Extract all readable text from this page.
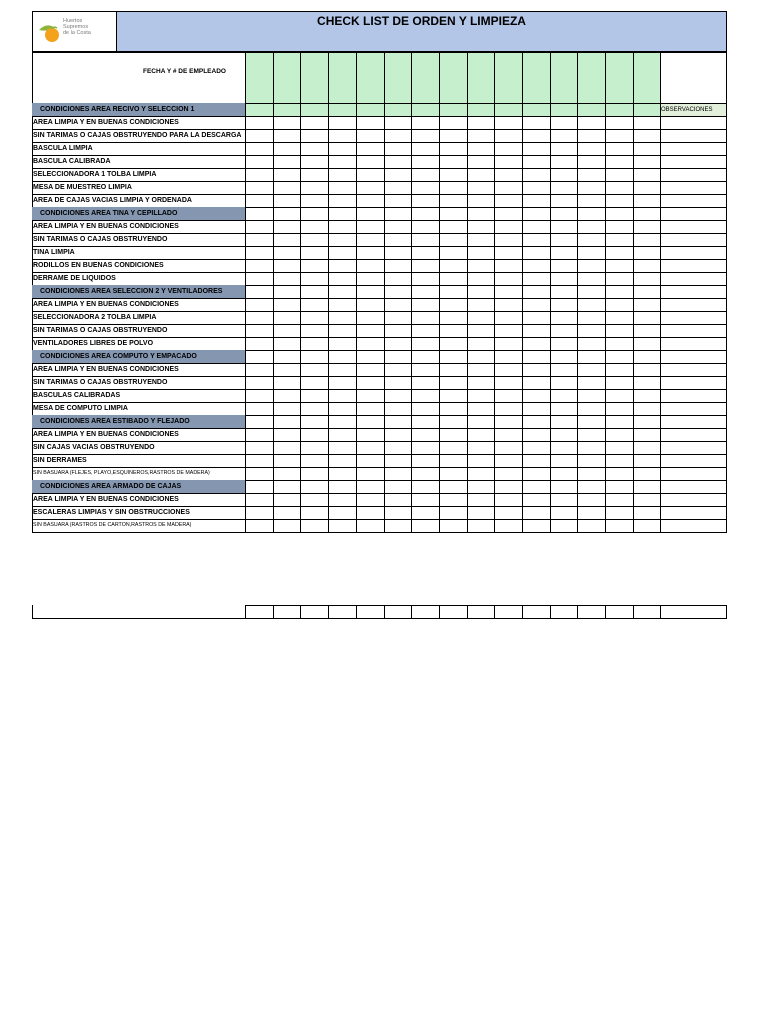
Huertos
Supremos
de la Costa
CHECK LIST DE ORDEN Y LIMPIEZA
FECHA Y # DE EMPLEADO
OBSERVACIONES
CONDICIONES AREA RECIVO Y SELECCION 1
AREA LIMPIA Y EN BUENAS CONDICIONES
SIN TARIMAS O CAJAS OBSTRUYENDO PARA LA DESCARGA
BASCULA LIMPIA
BASCULA CALIBRADA
SELECCIONADORA 1 TOLBA LIMPIA
MESA DE MUESTREO LIMPIA
AREA DE CAJAS VACIAS LIMPIA Y ORDENADA
CONDICIONES AREA TINA Y CEPILLADO
AREA LIMPIA Y EN BUENAS CONDICIONES
SIN TARIMAS O CAJAS OBSTRUYENDO
TINA LIMPIA
RODILLOS EN BUENAS CONDICIONES
DERRAME DE LIQUIDOS
CONDICIONES AREA SELECCION 2 Y VENTILADORES
AREA LIMPIA Y EN BUENAS CONDICIONES
SELECCIONADORA 2 TOLBA LIMPIA
SIN TARIMAS O CAJAS OBSTRUYENDO
VENTILADORES LIBRES DE POLVO
CONDICIONES AREA COMPUTO Y EMPACADO
AREA LIMPIA Y EN BUENAS CONDICIONES
SIN TARIMAS O CAJAS OBSTRUYENDO
BASCULAS CALIBRADAS
MESA DE COMPUTO LIMPIA
CONDICIONES AREA ESTIBADO Y FLEJADO
AREA LIMPIA Y EN BUENAS CONDICIONES
SIN CAJAS VACIAS OBSTRUYENDO
SIN DERRAMES
SIN BASUARA (FLEJES, PLAYO,ESQUINEROS,RASTROS DE MADERA)
CONDICIONES AREA ARMADO DE CAJAS
AREA LIMPIA Y EN BUENAS CONDICIONES
ESCALERAS LIMPIAS Y SIN OBSTRUCCIONES
SIN BASUARA (RASTROS DE CARTON,RASTROS DE MADERA)
